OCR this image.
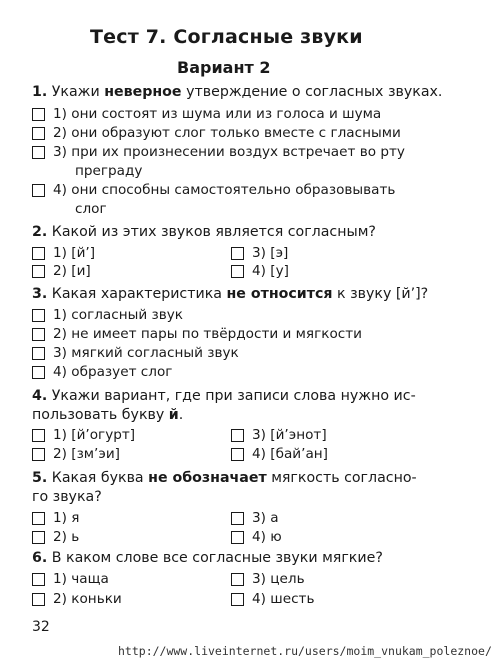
Тест 7. Согласные звуки
Вариант 2
1. Укажи неверное утверждение о согласных звуках.
1) они состоят из шума или из голоса и шума
2) они образуют слог только вместе с гласными
3) при их произнесении воздух встречает во рту
преграду
4) они способны самостоятельно образовывать
слог
2. Какой из этих звуков является согласным?
1) [й’]
2) [и]
3) [э]
4) [у]
3. Какая характеристика не относится к звуку [й’]?
1) согласный звук
2) не имеет пары по твёрдости и мягкости
3) мягкий согласный звук
4) образует слог
4. Укажи вариант, где при записи слова нужно ис-
пользовать букву й.
1) [й’огурт]
2) [зм’эи]
3) [й’энот]
4) [бай’ан]
5. Какая буква не обозначает мягкость согласно-
го звука?
1) я
2) ь
3) а
4) ю
6. В каком слове все согласные звуки мягкие?
1) чаща
2) коньки
3) цель
4) шесть
32
http://www.liveinternet.ru/users/moim_vnukam_poleznoe/
